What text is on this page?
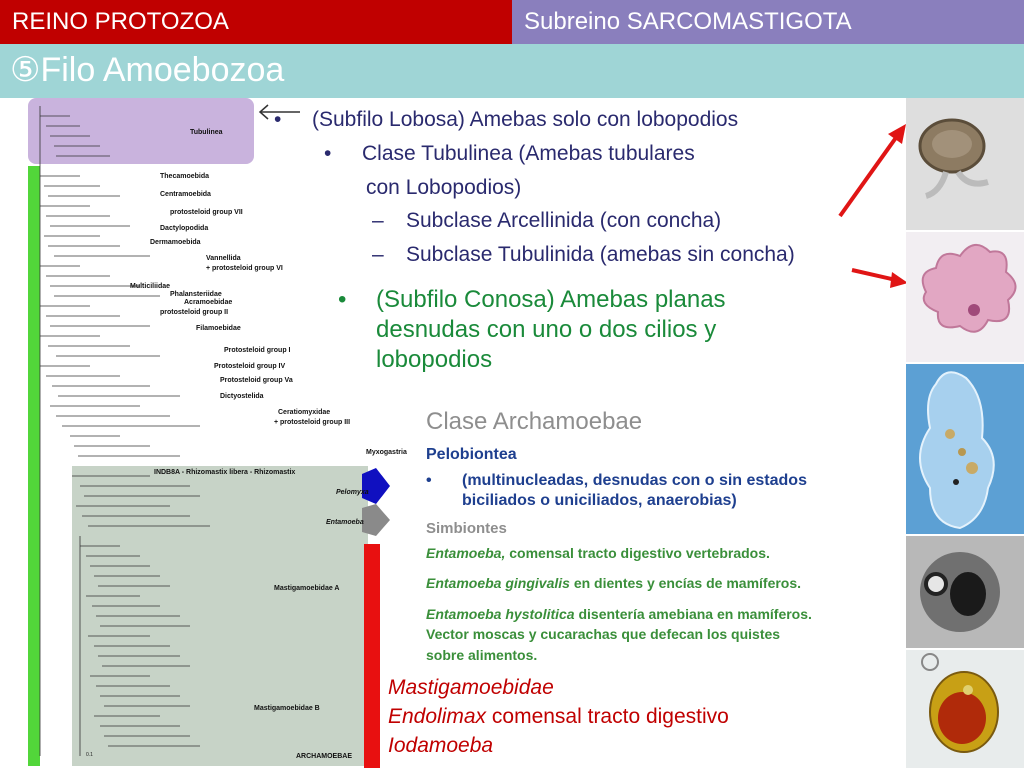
REINO PROTOZOA	Subreino SARCOMASTIGOTA
⑤Filo Amoebozoa
Tubulinea
Thecamoebida
Centramoebida
protosteloid group VII
Dactylopodida
Dermamoebida
Vannellida
+ protosteloid group VI
Multiciliidae
Phalansteriidae
Acramoebidae
protosteloid group II
Filamoebidae
Protosteloid group I
Protosteloid group IV
Protosteloid group Va
Dictyostelida
Ceratiomyxidae
+ protosteloid group III
Myxogastria
INDB8A - Rhizomastix libera - Rhizomastix
Pelomyxa
Entamoeba
Mastigamoebidae A
Mastigamoebidae B
ARCHAMOEBAE
0.1
• (Subfilo Lobosa) Amebas solo con lobopodios
• Clase Tubulinea (Amebas tubulares
con Lobopodios)
– Subclase Arcellinida (con concha)
– Subclase Tubulinida (amebas sin concha)
• (Subfilo Conosa) Amebas planas
desnudas con uno o dos cilios y
lobopodios
Clase Archamoebae
Pelobiontea
• (multinucleadas, desnudas con o sin estados
biciliados o uniciliados, anaerobias)
Simbiontes
Entamoeba, comensal tracto digestivo vertebrados.
Entamoeba gingivalis en dientes y encías de mamíferos.
Entamoeba hystolitica disentería amebiana en mamíferos.
Vector moscas y cucarachas que defecan los quistes
sobre alimentos.
Mastigamoebidae
Endolimax comensal tracto digestivo
Iodamoeba
